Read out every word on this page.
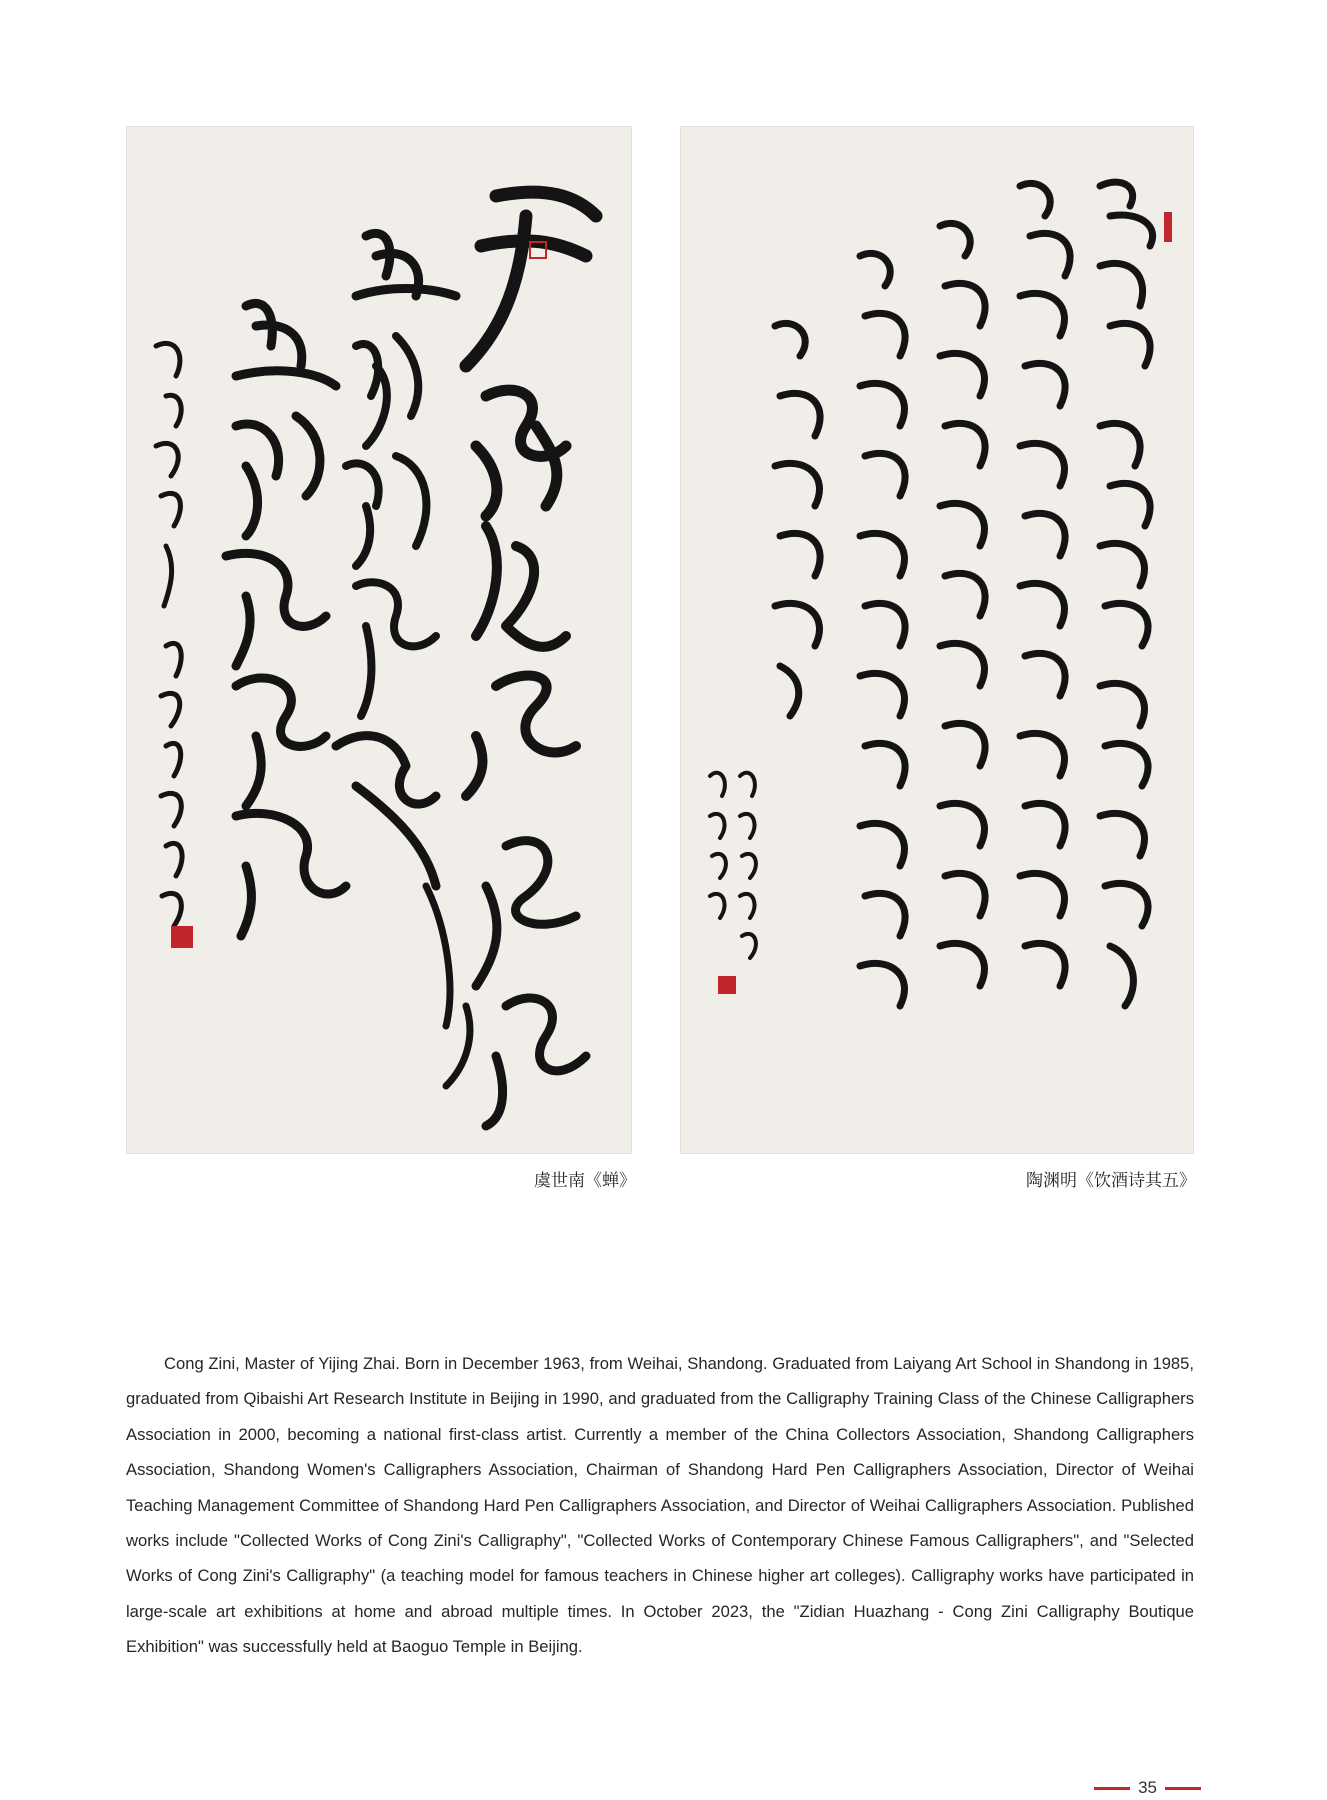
虞世南《蝉》	陶渊明《饮酒诗其五》

Cong Zini, Master of Yijing Zhai. Born in December 1963, from Weihai, Shandong. Graduated from Laiyang Art School in Shandong in 1985, graduated from Qibaishi Art Research Institute in Beijing in 1990, and graduated from the Calligraphy Training Class of the Chinese Calligraphers Association in 2000, becoming a national first-class artist. Currently a member of the China Collectors Association, Shandong Calligraphers Association, Shandong Women's Calligraphers Association, Chairman of Shandong Hard Pen Calligraphers Association, Director of Weihai Teaching Management Committee of Shandong Hard Pen Calligraphers Association, and Director of Weihai Calligraphers Association. Published works include "Collected Works of Cong Zini's Calligraphy", "Collected Works of Contemporary Chinese Famous Calligraphers", and "Selected Works of Cong Zini's Calligraphy" (a teaching model for famous teachers in Chinese higher art colleges). Calligraphy works have participated in large-scale art exhibitions at home and abroad multiple times. In October 2023, the "Zidian Huazhang - Cong Zini Calligraphy Boutique Exhibition" was successfully held at Baoguo Temple in Beijing.

35
